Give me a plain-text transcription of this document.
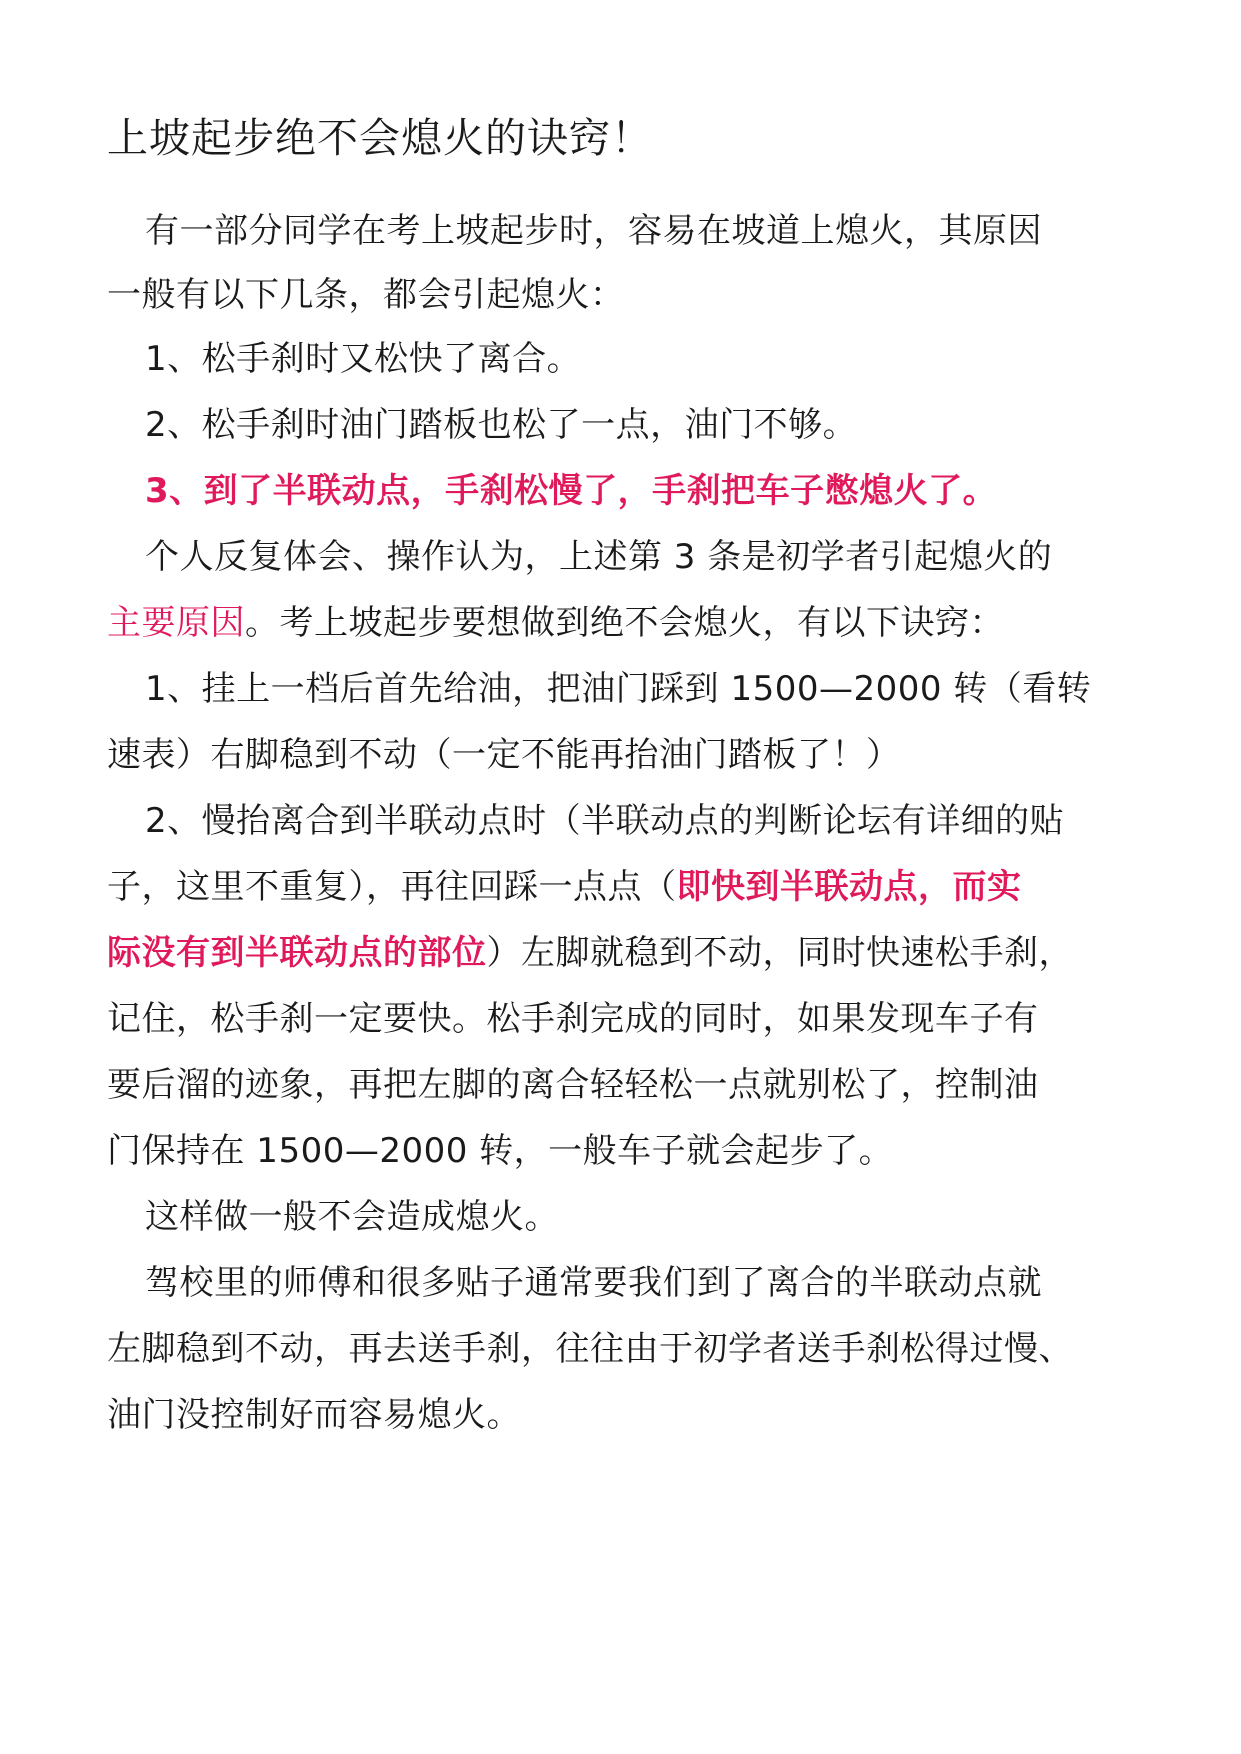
上坡起步绝不会熄火的诀窍！

有一部分同学在考上坡起步时，容易在坡道上熄火，其原因

一般有以下几条，都会引起熄火：

1、松手刹时又松快了离合。

2、松手刹时油门踏板也松了一点，油门不够。

3、到了半联动点，手刹松慢了，手刹把车子憋熄火了。

个人反复体会、操作认为，上述第 3 条是初学者引起熄火的

主要原因。考上坡起步要想做到绝不会熄火，有以下诀窍：

1、挂上一档后首先给油，把油门踩到 1500—2000 转（看转

速表）右脚稳到不动（一定不能再抬油门踏板了！）

2、慢抬离合到半联动点时（半联动点的判断论坛有详细的贴

子，这里不重复），再往回踩一点点（即快到半联动点，而实

际没有到半联动点的部位）左脚就稳到不动，同时快速松手刹，

记住，松手刹一定要快。松手刹完成的同时，如果发现车子有

要后溜的迹象，再把左脚的离合轻轻松一点就别松了，控制油

门保持在 1500—2000 转，一般车子就会起步了。

这样做一般不会造成熄火。

驾校里的师傅和很多贴子通常要我们到了离合的半联动点就

左脚稳到不动，再去送手刹，往往由于初学者送手刹松得过慢、

油门没控制好而容易熄火。
